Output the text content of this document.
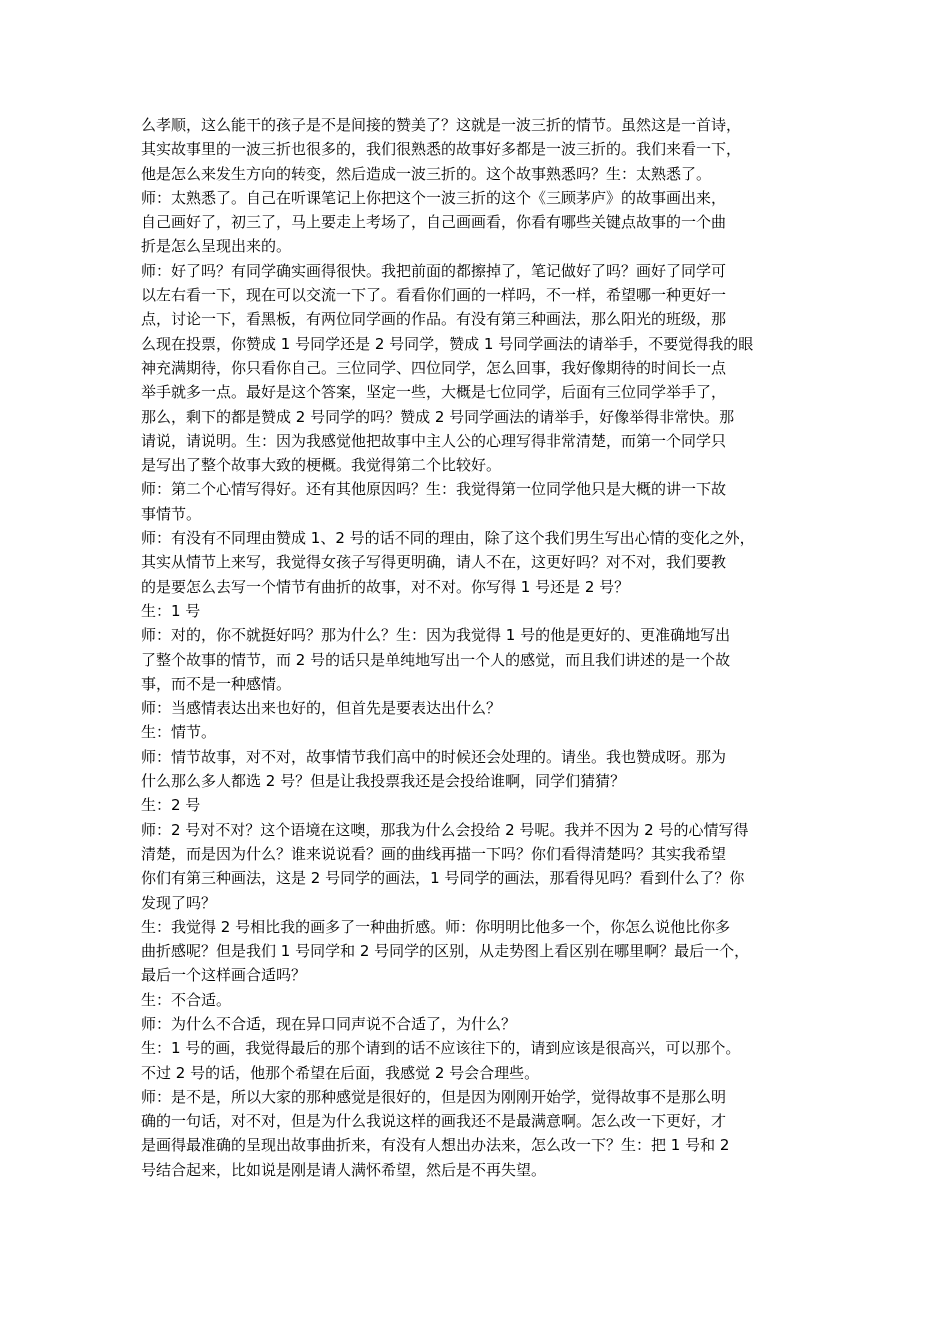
么孝顺，这么能干的孩子是不是间接的赞美了？这就是一波三折的情节。虽然这是一首诗，
其实故事里的一波三折也很多的，我们很熟悉的故事好多都是一波三折的。我们来看一下，
他是怎么来发生方向的转变，然后造成一波三折的。这个故事熟悉吗？生：太熟悉了。

师：太熟悉了。自己在听课笔记上你把这个一波三折的这个《三顾茅庐》的故事画出来，
自己画好了，初三了，马上要走上考场了，自己画画看，你看有哪些关键点故事的一个曲
折是怎么呈现出来的。

师：好了吗？有同学确实画得很快。我把前面的都擦掉了，笔记做好了吗？画好了同学可
以左右看一下，现在可以交流一下了。看看你们画的一样吗，不一样，希望哪一种更好一
点，讨论一下，看黑板，有两位同学画的作品。有没有第三种画法，那么阳光的班级，那
么现在投票，你赞成 1 号同学还是 2 号同学，赞成 1 号同学画法的请举手，不要觉得我的眼
神充满期待，你只看你自己。三位同学、四位同学，怎么回事，我好像期待的时间长一点
举手就多一点。最好是这个答案，坚定一些，大概是七位同学，后面有三位同学举手了，
那么，剩下的都是赞成 2 号同学的吗？赞成 2 号同学画法的请举手，好像举得非常快。那
请说，请说明。生：因为我感觉他把故事中主人公的心理写得非常清楚，而第一个同学只
是写出了整个故事大致的梗概。我觉得第二个比较好。

师：第二个心情写得好。还有其他原因吗？生：我觉得第一位同学他只是大概的讲一下故
事情节。

师：有没有不同理由赞成 1、2 号的话不同的理由，除了这个我们男生写出心情的变化之外，
其实从情节上来写，我觉得女孩子写得更明确，请人不在，这更好吗？对不对，我们要教
的是要怎么去写一个情节有曲折的故事，对不对。你写得 1 号还是 2 号？

生：1 号

师：对的，你不就挺好吗？那为什么？生：因为我觉得 1 号的他是更好的、更准确地写出
了整个故事的情节，而 2 号的话只是单纯地写出一个人的感觉，而且我们讲述的是一个故
事，而不是一种感情。

师：当感情表达出来也好的，但首先是要表达出什么？

生：情节。

师：情节故事，对不对，故事情节我们高中的时候还会处理的。请坐。我也赞成呀。那为
什么那么多人都选 2 号？但是让我投票我还是会投给谁啊，同学们猜猜？

生：2 号

师：2 号对不对？这个语境在这噢，那我为什么会投给 2 号呢。我并不因为 2 号的心情写得
清楚，而是因为什么？谁来说说看？画的曲线再描一下吗？你们看得清楚吗？其实我希望
你们有第三种画法，这是 2 号同学的画法，1 号同学的画法，那看得见吗？看到什么了？你
发现了吗？

生：我觉得 2 号相比我的画多了一种曲折感。师：你明明比他多一个，你怎么说他比你多
曲折感呢？但是我们 1 号同学和 2 号同学的区别，从走势图上看区别在哪里啊？最后一个，
最后一个这样画合适吗？

生：不合适。

师：为什么不合适，现在异口同声说不合适了，为什么？

生：1 号的画，我觉得最后的那个请到的话不应该往下的，请到应该是很高兴，可以那个。
不过 2 号的话，他那个希望在后面，我感觉 2 号会合理些。

师：是不是，所以大家的那种感觉是很好的，但是因为刚刚开始学，觉得故事不是那么明
确的一句话，对不对，但是为什么我说这样的画我还不是最满意啊。怎么改一下更好，才
是画得最准确的呈现出故事曲折来，有没有人想出办法来，怎么改一下？生：把 1 号和 2
号结合起来，比如说是刚是请人满怀希望，然后是不再失望。
